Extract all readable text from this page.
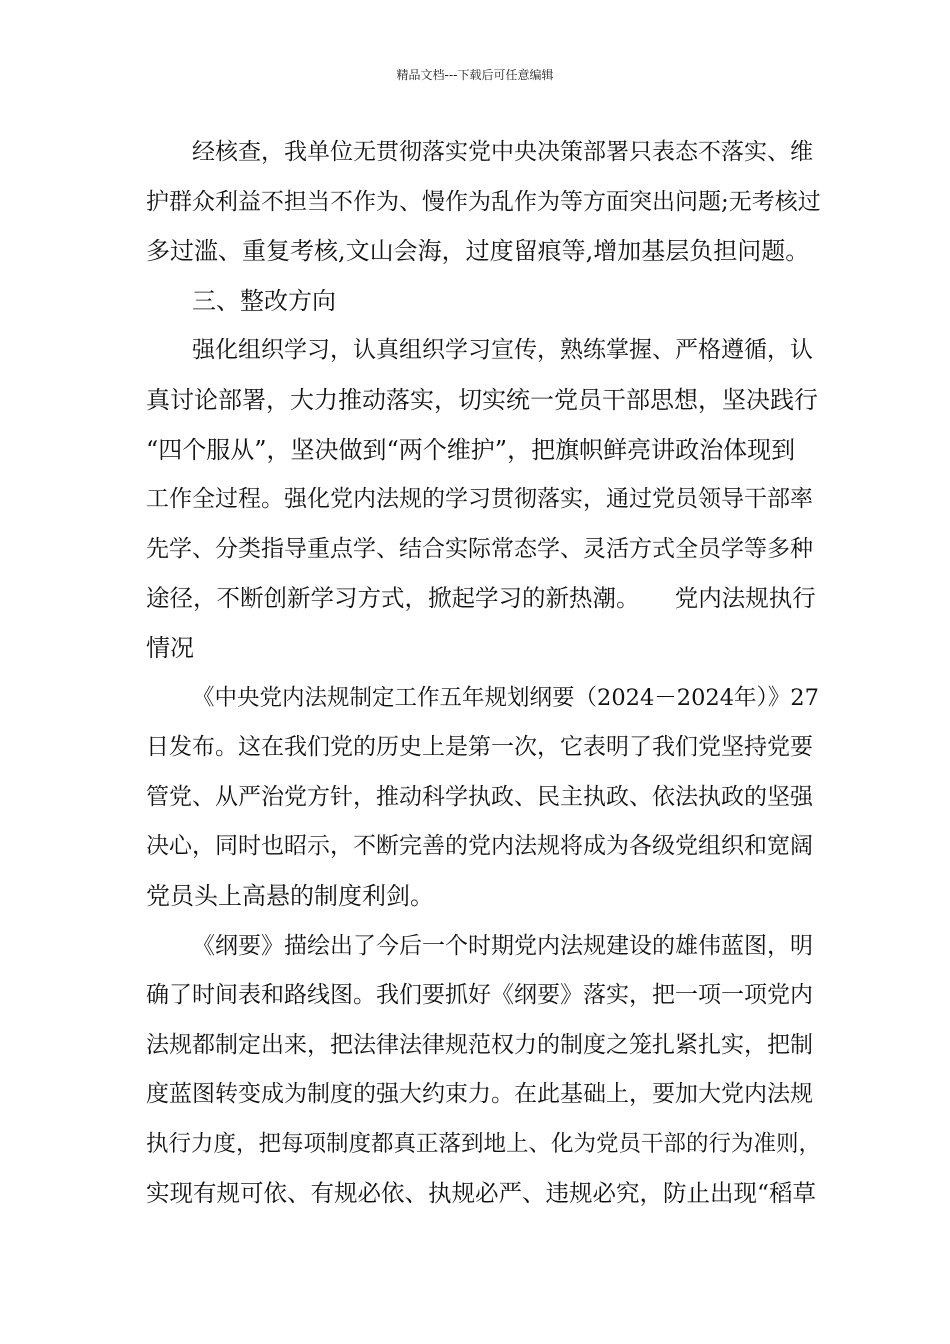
精品文档---下载后可任意编辑
经核查，我单位无贯彻落实党中央决策部署只表态不落实、维
护群众利益不担当不作为、慢作为乱作为等方面突出问题;无考核过
多过滥、重复考核,文山会海，过度留痕等,增加基层负担问题。
三、整改方向
强化组织学习，认真组织学习宣传，熟练掌握、严格遵循，认
真讨论部署，大力推动落实，切实统一党员干部思想，坚决践行
“四个服从”，坚决做到“两个维护”，把旗帜鲜亮讲政治体现到
工作全过程。强化党内法规的学习贯彻落实，通过党员领导干部率
先学、分类指导重点学、结合实际常态学、灵活方式全员学等多种
途径，不断创新学习方式，掀起学习的新热潮。　　党内法规执行
情况
《中央党内法规制定工作五年规划纲要（2024－2024年）》27
日发布。这在我们党的历史上是第一次，它表明了我们党坚持党要
管党、从严治党方针，推动科学执政、民主执政、依法执政的坚强
决心，同时也昭示，不断完善的党内法规将成为各级党组织和宽阔
党员头上高悬的制度利剑。
《纲要》描绘出了今后一个时期党内法规建设的雄伟蓝图，明
确了时间表和路线图。我们要抓好《纲要》落实，把一项一项党内
法规都制定出来，把法律法律规范权力的制度之笼扎紧扎实，把制
度蓝图转变成为制度的强大约束力。在此基础上，要加大党内法规
执行力度，把每项制度都真正落到地上、化为党员干部的行为准则，
实现有规可依、有规必依、执规必严、违规必究，防止出现“稻草
